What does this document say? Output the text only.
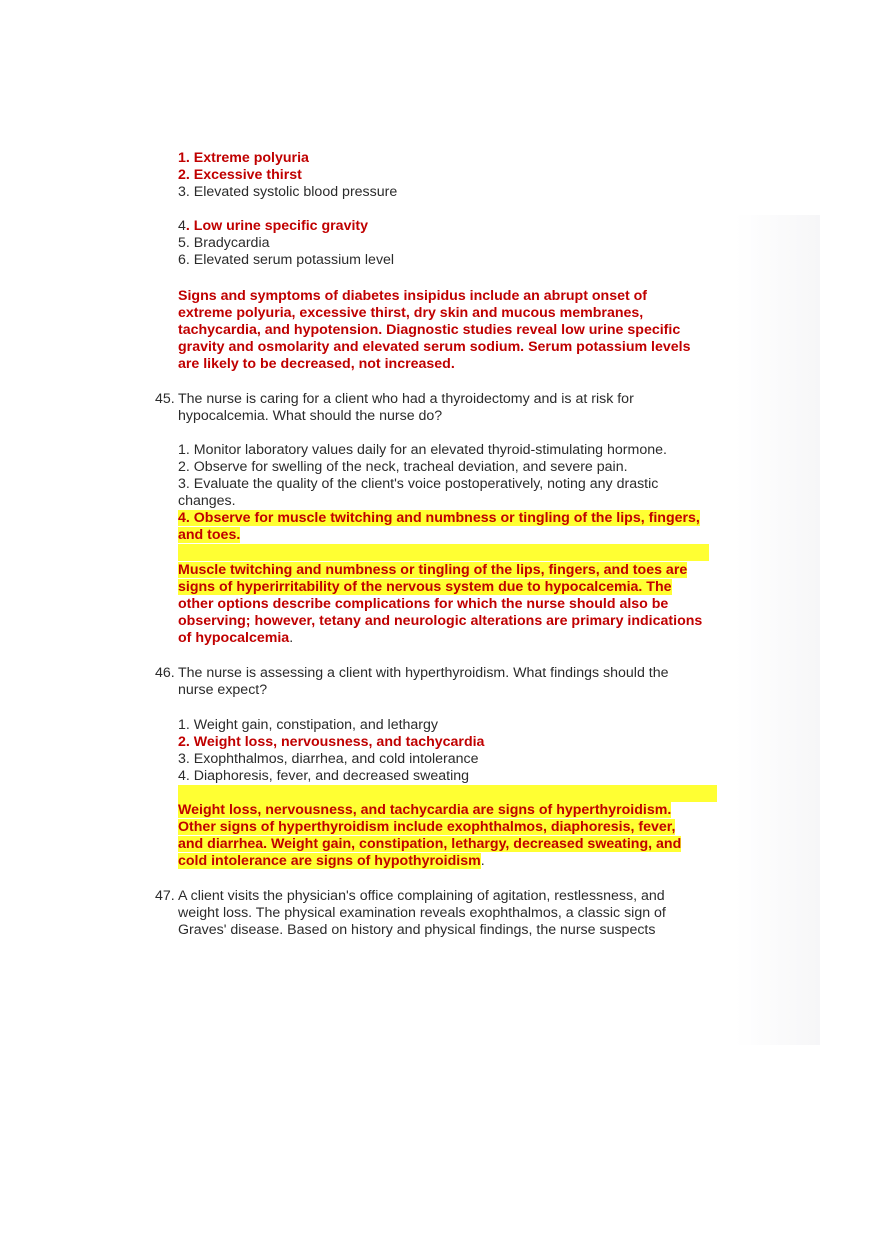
1. Extreme polyuria
2. Excessive thirst
3. Elevated systolic blood pressure
4. Low urine specific gravity
5. Bradycardia
6. Elevated serum potassium level
Signs and symptoms of diabetes insipidus include an abrupt onset of
extreme polyuria, excessive thirst, dry skin and mucous membranes,
tachycardia, and hypotension. Diagnostic studies reveal low urine specific
gravity and osmolarity and elevated serum sodium. Serum potassium levels
are likely to be decreased, not increased.
45. The nurse is caring for a client who had a thyroidectomy and is at risk for
hypocalcemia. What should the nurse do?
1. Monitor laboratory values daily for an elevated thyroid-stimulating hormone.
2. Observe for swelling of the neck, tracheal deviation, and severe pain.
3. Evaluate the quality of the client's voice postoperatively, noting any drastic
changes.
4. Observe for muscle twitching and numbness or tingling of the lips, fingers,
and toes.

Muscle twitching and numbness or tingling of the lips, fingers, and toes are
signs of hyperirritability of the nervous system due to hypocalcemia. The
other options describe complications for which the nurse should also be
observing; however, tetany and neurologic alterations are primary indications
of hypocalcemia.
46. The nurse is assessing a client with hyperthyroidism. What findings should the
nurse expect?
1. Weight gain, constipation, and lethargy
2. Weight loss, nervousness, and tachycardia
3. Exophthalmos, diarrhea, and cold intolerance
4. Diaphoresis, fever, and decreased sweating

Weight loss, nervousness, and tachycardia are signs of hyperthyroidism.
Other signs of hyperthyroidism include exophthalmos, diaphoresis, fever,
and diarrhea. Weight gain, constipation, lethargy, decreased sweating, and
cold intolerance are signs of hypothyroidism.
47. A client visits the physician's office complaining of agitation, restlessness, and
weight loss. The physical examination reveals exophthalmos, a classic sign of
Graves' disease. Based on history and physical findings, the nurse suspects
